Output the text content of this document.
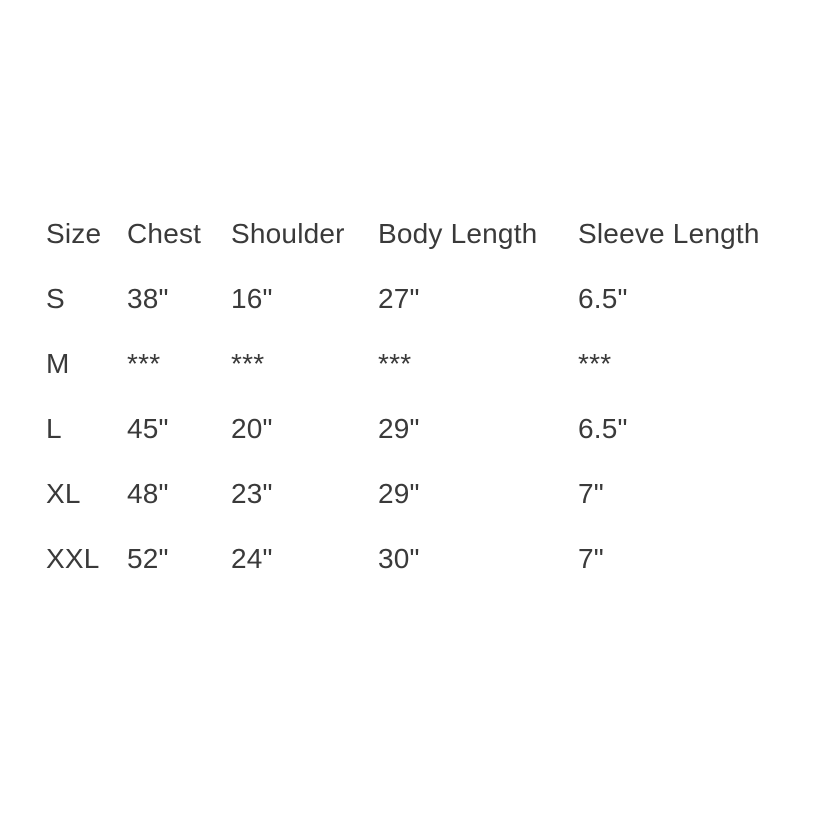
Size	Chest	Shoulder	Body Length	Sleeve Length
S	38"	16"	27"	6.5"
M	***	***	***	***
L	45"	20"	29"	6.5"
XL	48"	23"	29"	7"
XXL	52"	24"	30"	7"
